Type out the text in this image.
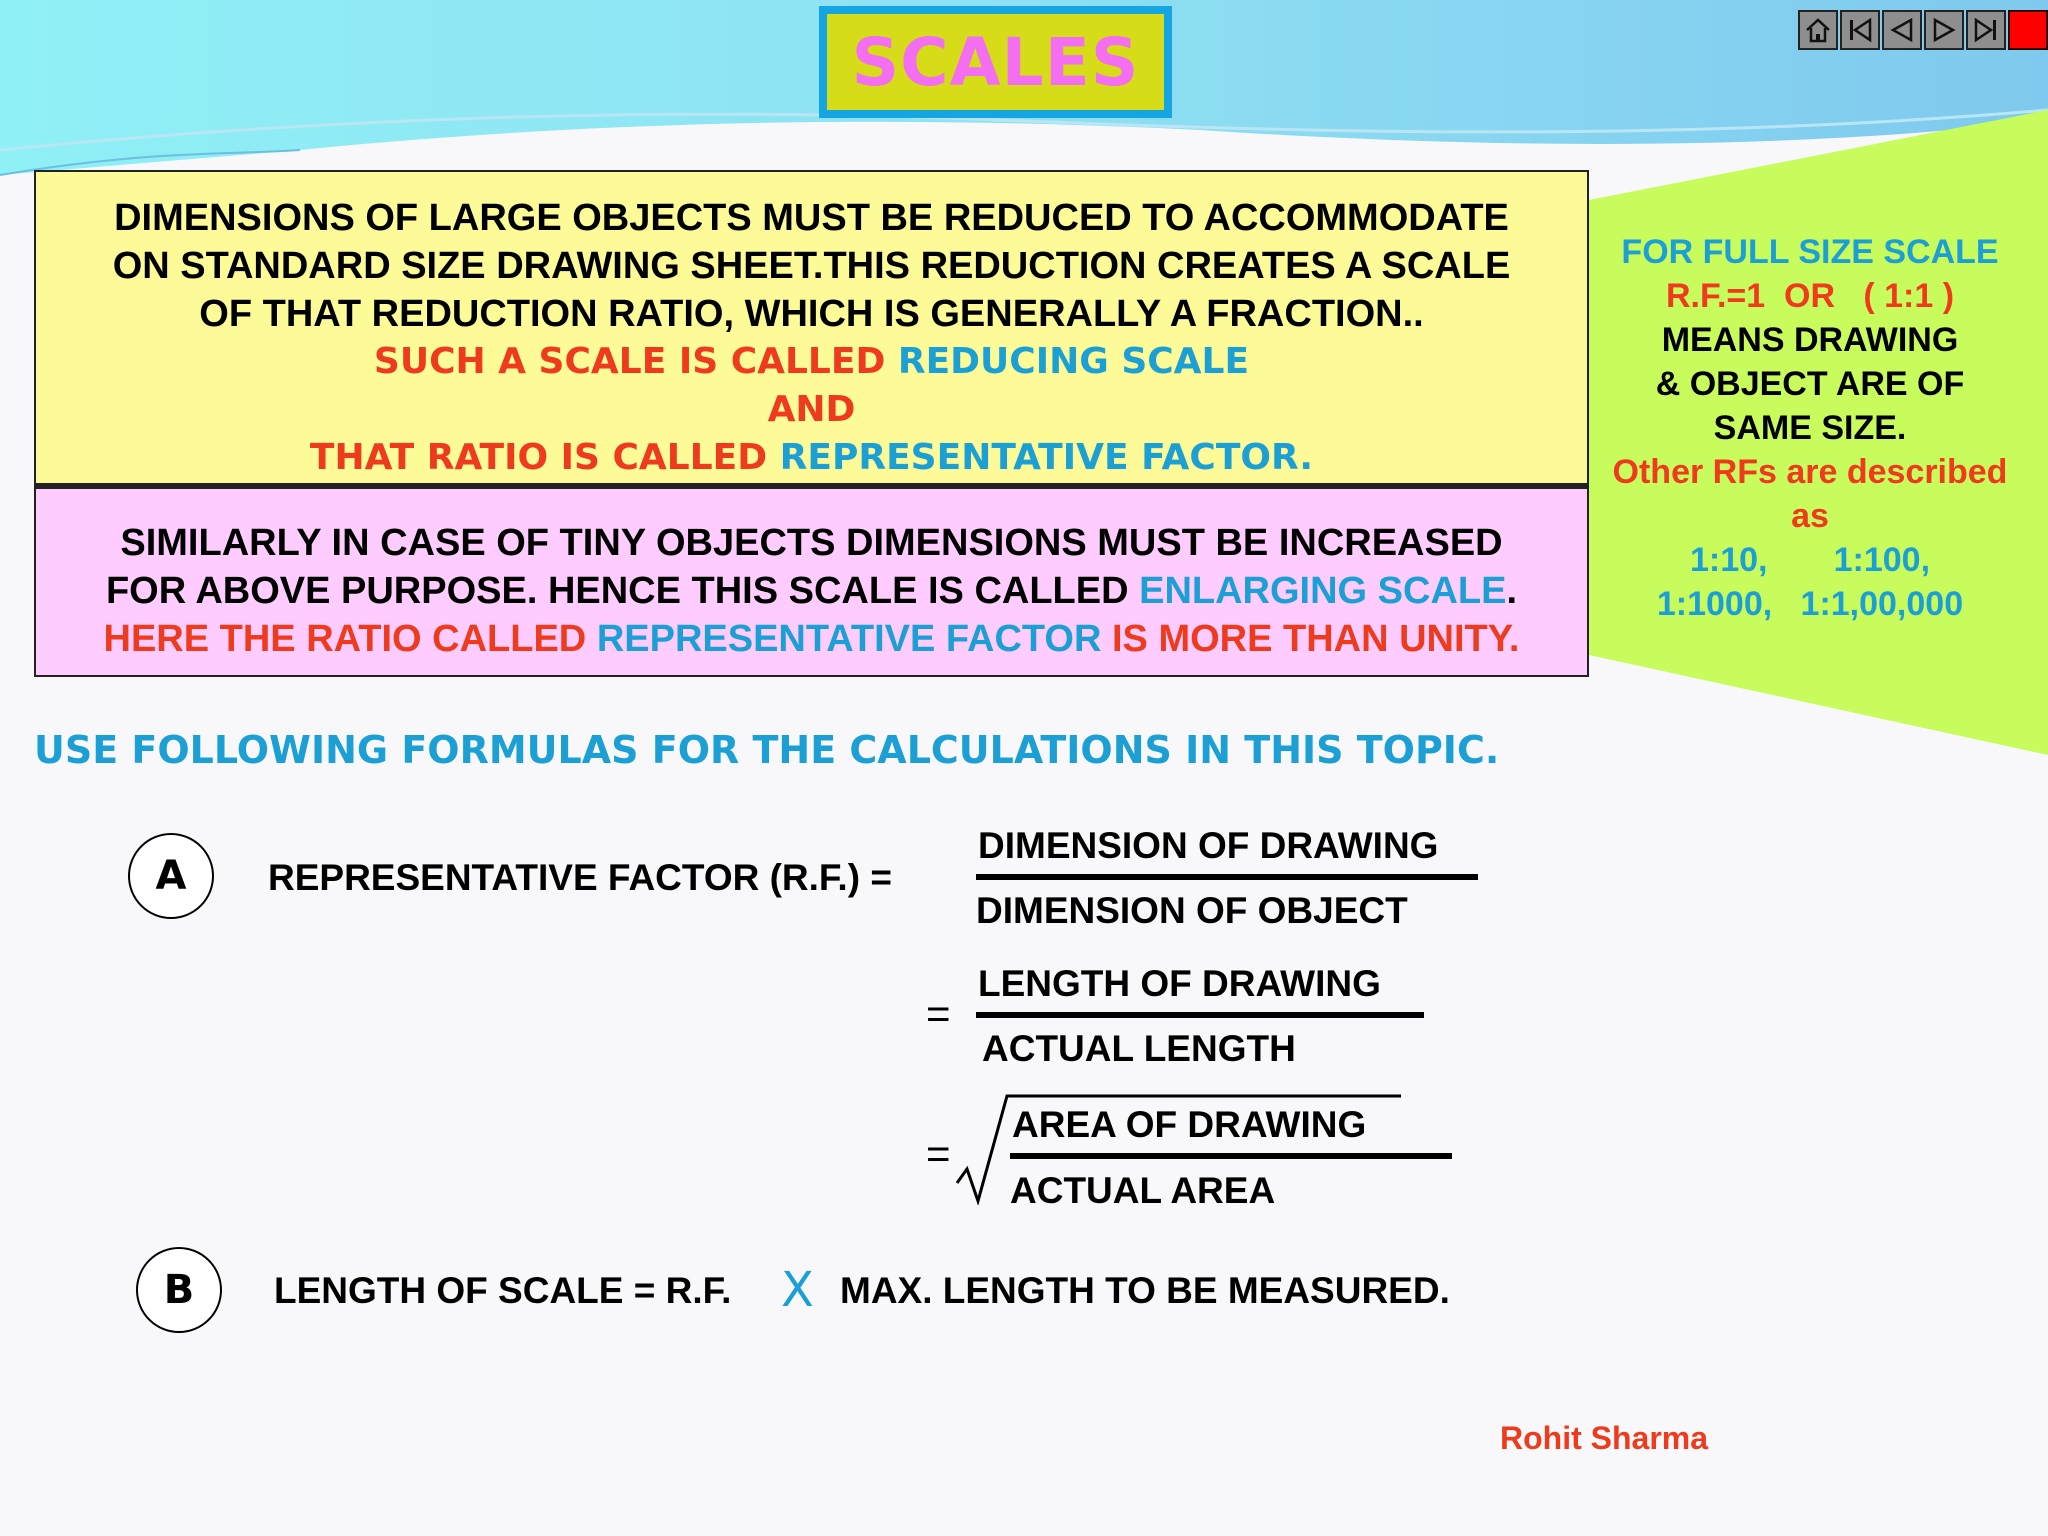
SCALES
DIMENSIONS OF LARGE OBJECTS MUST BE REDUCED TO ACCOMMODATE
ON STANDARD SIZE DRAWING SHEET.THIS REDUCTION CREATES A SCALE
OF THAT REDUCTION RATIO, WHICH IS GENERALLY A FRACTION..
SUCH A SCALE IS CALLED REDUCING SCALE
AND
THAT RATIO IS CALLED REPRESENTATIVE FACTOR.
SIMILARLY IN CASE OF TINY OBJECTS DIMENSIONS MUST BE INCREASED
FOR ABOVE PURPOSE. HENCE THIS SCALE IS CALLED ENLARGING SCALE.
HERE THE RATIO CALLED REPRESENTATIVE FACTOR IS MORE THAN UNITY.
FOR FULL SIZE SCALE
R.F.=1  OR   ( 1:1 )
MEANS DRAWING
& OBJECT ARE OF
SAME SIZE.
Other RFs are described
as
1:10,       1:100,
1:1000,   1:1,00,000
USE FOLLOWING FORMULAS FOR THE CALCULATIONS IN THIS TOPIC.
A	REPRESENTATIVE FACTOR (R.F.) =
DIMENSION OF DRAWING
DIMENSION OF OBJECT
=
LENGTH OF DRAWING
ACTUAL LENGTH
=
AREA OF DRAWING
ACTUAL AREA
B	LENGTH OF SCALE = R.F. X MAX. LENGTH TO BE MEASURED.
Rohit Sharma
